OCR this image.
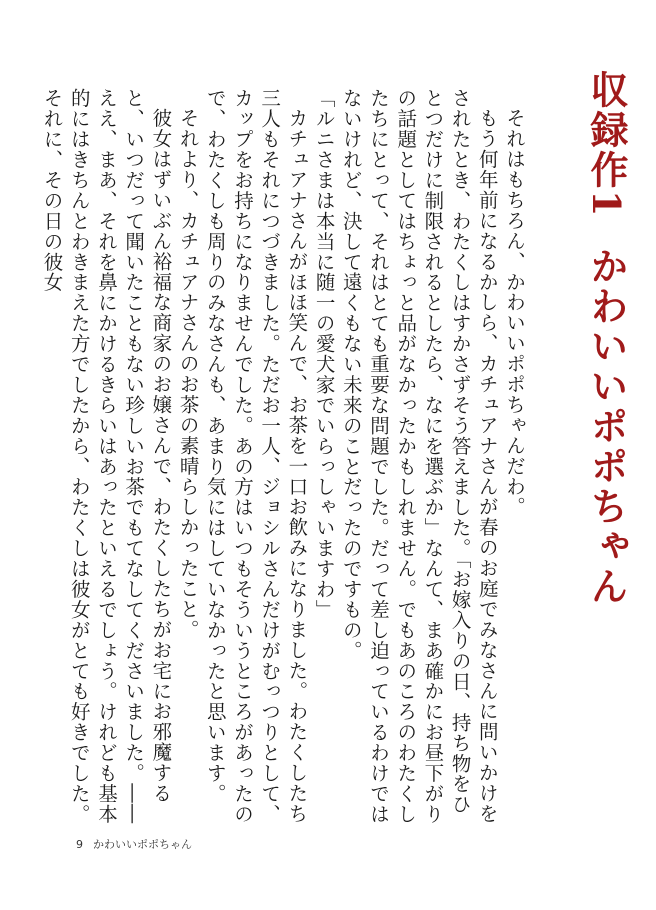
収録作1かわいいポポちゃん

それはもちろん、かわいいポポちゃんだわ。

もう何年前になるかしら、カチュアナさんが春のお庭でみなさんに問いかけをされたとき、わたくしはすかさずそう答えました。「お嫁入りの日、持ち物をひとつだけに制限されるとしたら、なにを選ぶか」なんて、まあ確かにお昼下がりの話題としてはちょっと品がなかったかもしれません。でもあのころのわたくしたちにとって、それはとても重要な問題でした。だって差し迫っているわけではないけれど、決して遠くもない未来のことだったのですもの。

「ルニさまは本当に随一の愛犬家でいらっしゃいますわ」

カチュアナさんがほほ笑んで、お茶を一口お飲みになりました。わたくしたち三人もそれにつづきました。ただお一人、ジョシルさんだけがむっつりとして、カップをお持ちになりませんでした。あの方はいつもそういうところがあったので、わたくしも周りのみなさんも、あまり気にはしていなかったと思います。

それより、カチュアナさんのお茶の素晴らしかったこと。

彼女はずいぶん裕福な商家のお嬢さんで、わたくしたちがお宅にお邪魔すると、いつだって聞いたこともない珍しいお茶でもてなしてくださいました。――ええ、まあ、それを鼻にかけるきらいはあったといえるでしょう。けれども基本的にはきちんとわきまえた方でしたから、わたくしは彼女がとても好きでした。それに、その日の彼女

9 かわいいポポちゃん
